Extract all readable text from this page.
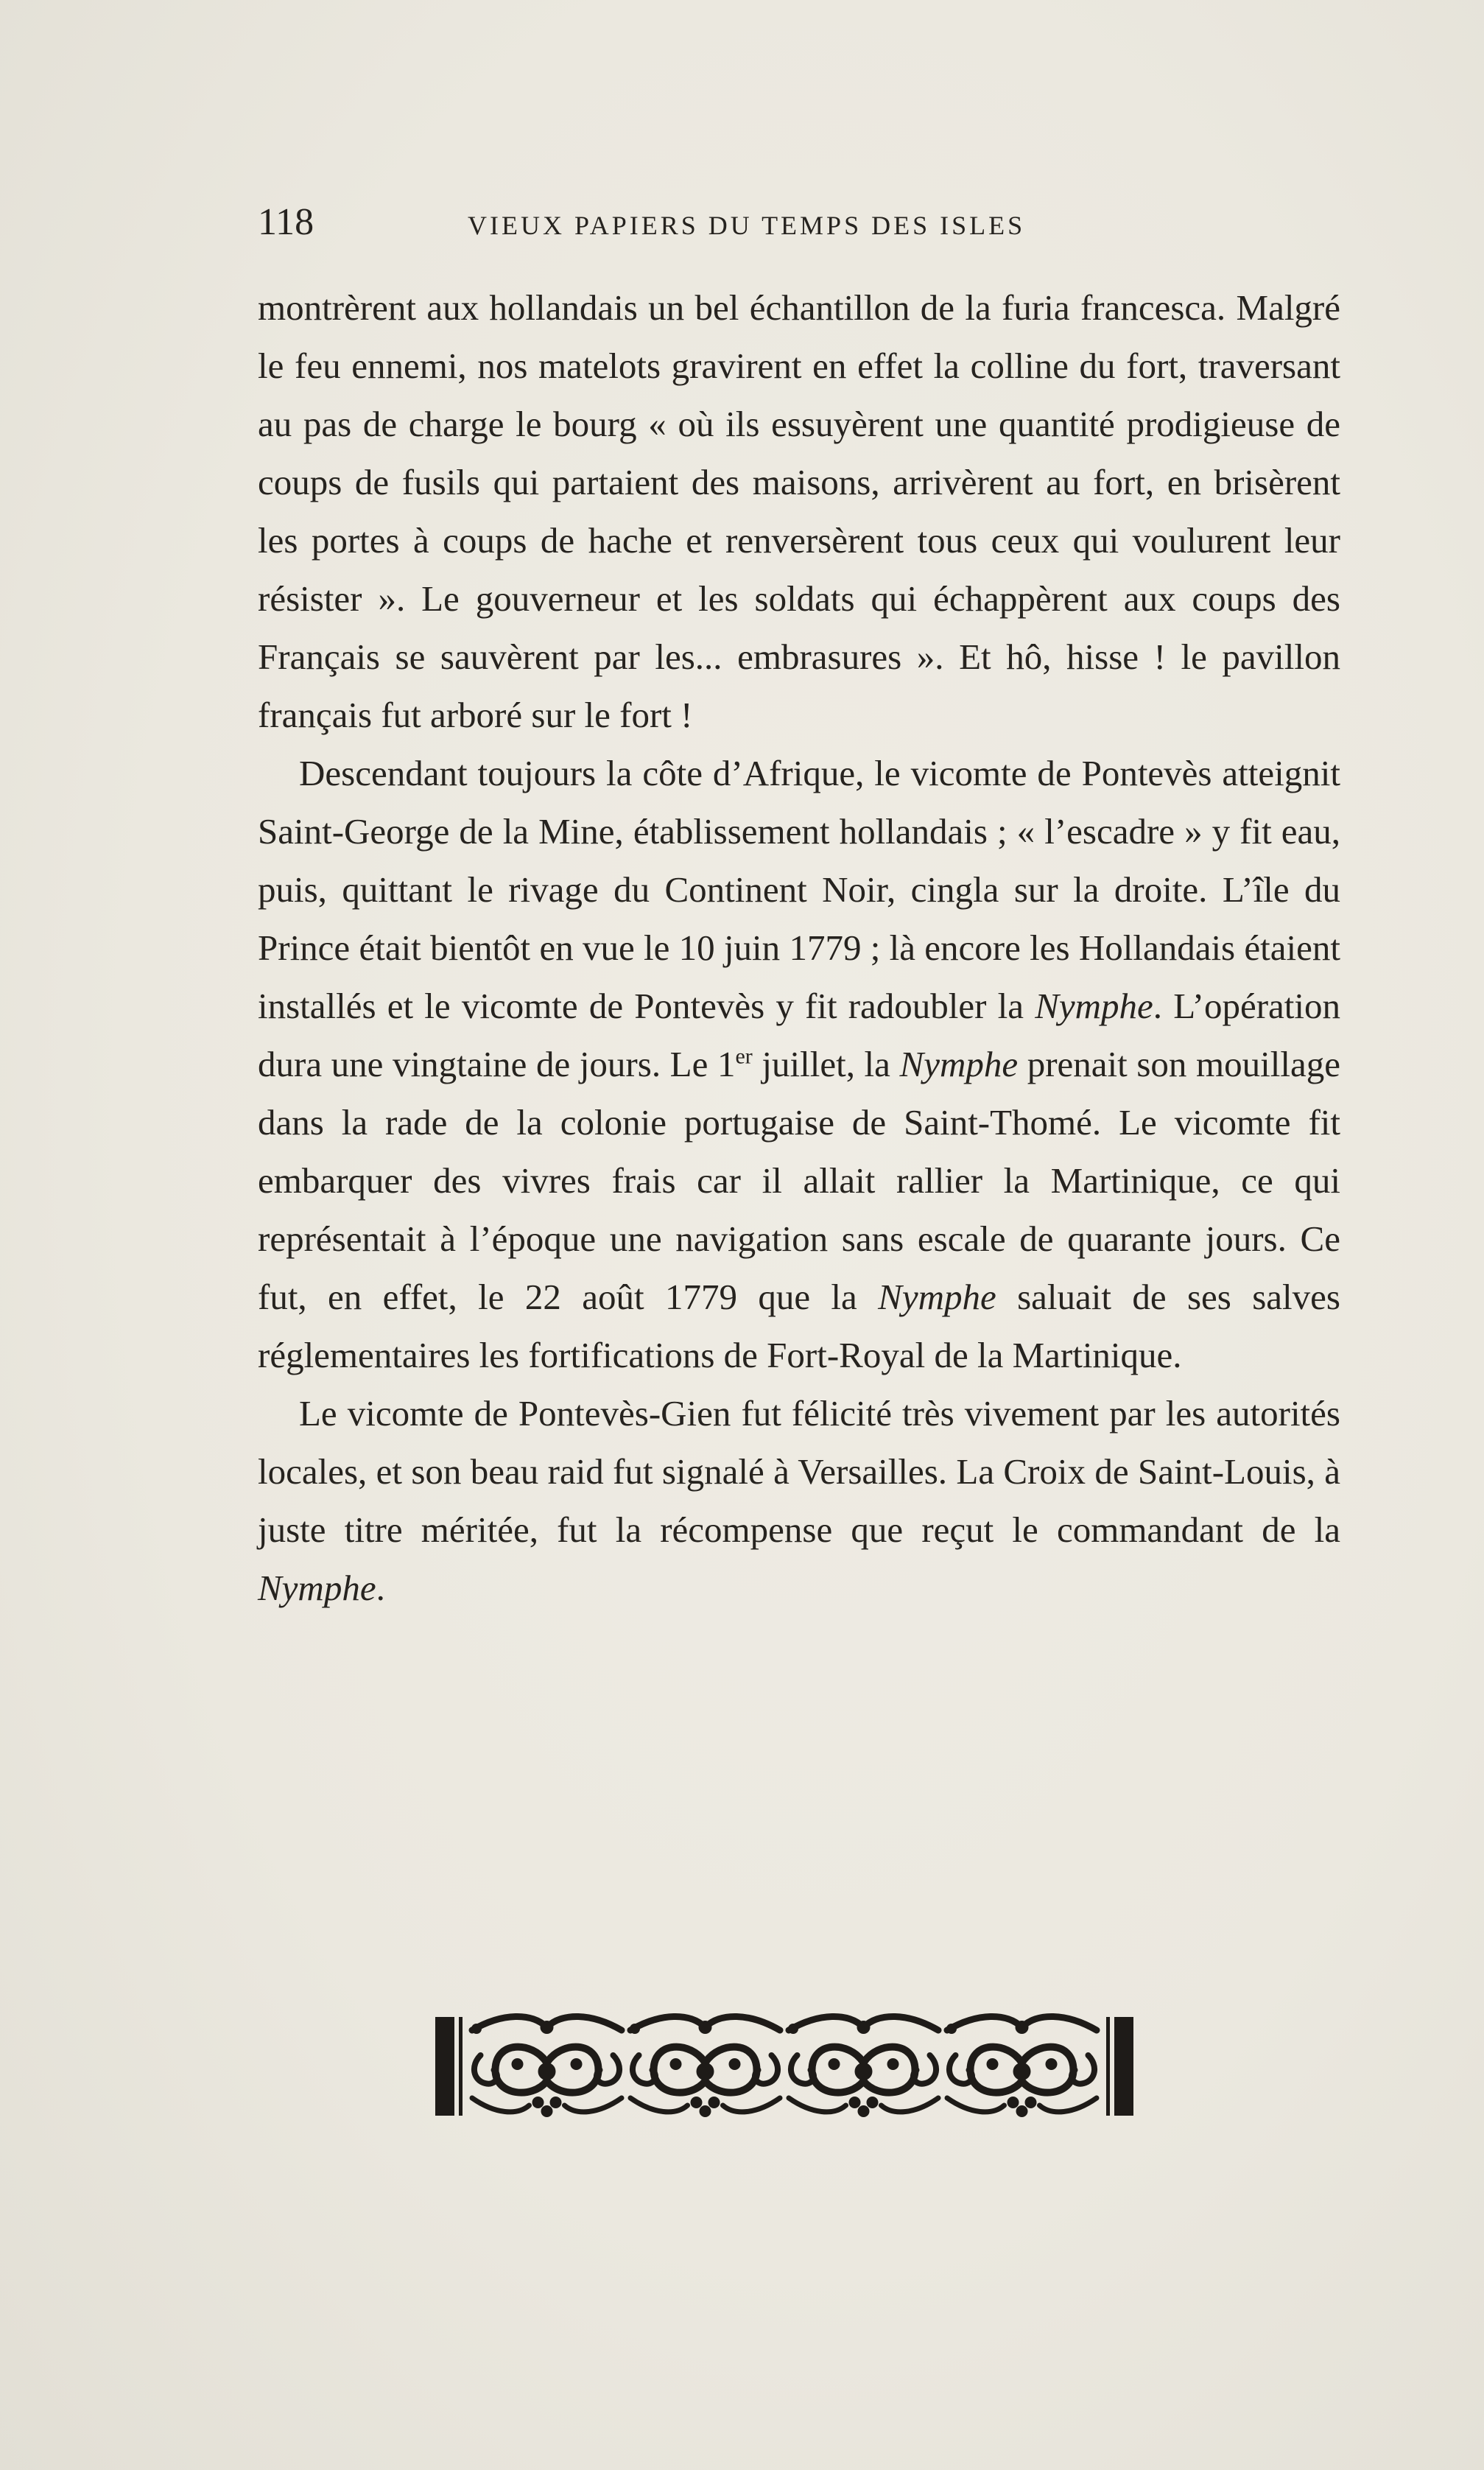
118	VIEUX PAPIERS DU TEMPS DES ISLES

montrèrent aux hollandais un bel échantillon de la furia francesca. Malgré le feu ennemi, nos matelots gravirent en effet la colline du fort, traversant au pas de charge le bourg « où ils essuyèrent une quantité prodigieuse de coups de fusils qui partaient des maisons, arrivèrent au fort, en brisèrent les portes à coups de hache et renversèrent tous ceux qui voulurent leur résister ». Le gouverneur et les soldats qui échappèrent aux coups des Français se sauvèrent par les... embrasures ». Et hô, hisse ! le pavillon français fut arboré sur le fort !

Descendant toujours la côte d’Afrique, le vicomte de Pontevès atteignit Saint-George de la Mine, établissement hollandais ; « l’escadre » y fit eau, puis, quittant le rivage du Continent Noir, cingla sur la droite. L’île du Prince était bientôt en vue le 10 juin 1779 ; là encore les Hollandais étaient installés et le vicomte de Pontevès y fit radoubler la Nymphe. L’opération dura une vingtaine de jours. Le 1er juillet, la Nymphe prenait son mouillage dans la rade de la colonie portugaise de Saint-Thomé. Le vicomte fit embarquer des vivres frais car il allait rallier la Martinique, ce qui représentait à l’époque une navigation sans escale de quarante jours. Ce fut, en effet, le 22 août 1779 que la Nymphe saluait de ses salves réglementaires les fortifications de Fort-Royal de la Martinique.

Le vicomte de Pontevès-Gien fut félicité très vivement par les autorités locales, et son beau raid fut signalé à Versailles. La Croix de Saint-Louis, à juste titre méritée, fut la récompense que reçut le commandant de la Nymphe.
